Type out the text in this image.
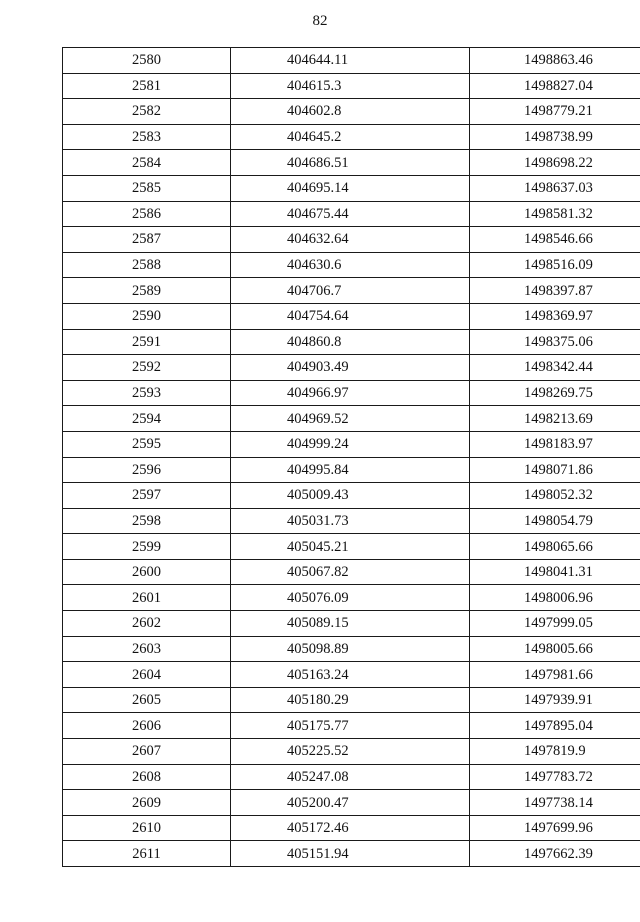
82
2580	404644.11	1498863.46
2581	404615.3	1498827.04
2582	404602.8	1498779.21
2583	404645.2	1498738.99
2584	404686.51	1498698.22
2585	404695.14	1498637.03
2586	404675.44	1498581.32
2587	404632.64	1498546.66
2588	404630.6	1498516.09
2589	404706.7	1498397.87
2590	404754.64	1498369.97
2591	404860.8	1498375.06
2592	404903.49	1498342.44
2593	404966.97	1498269.75
2594	404969.52	1498213.69
2595	404999.24	1498183.97
2596	404995.84	1498071.86
2597	405009.43	1498052.32
2598	405031.73	1498054.79
2599	405045.21	1498065.66
2600	405067.82	1498041.31
2601	405076.09	1498006.96
2602	405089.15	1497999.05
2603	405098.89	1498005.66
2604	405163.24	1497981.66
2605	405180.29	1497939.91
2606	405175.77	1497895.04
2607	405225.52	1497819.9
2608	405247.08	1497783.72
2609	405200.47	1497738.14
2610	405172.46	1497699.96
2611	405151.94	1497662.39
